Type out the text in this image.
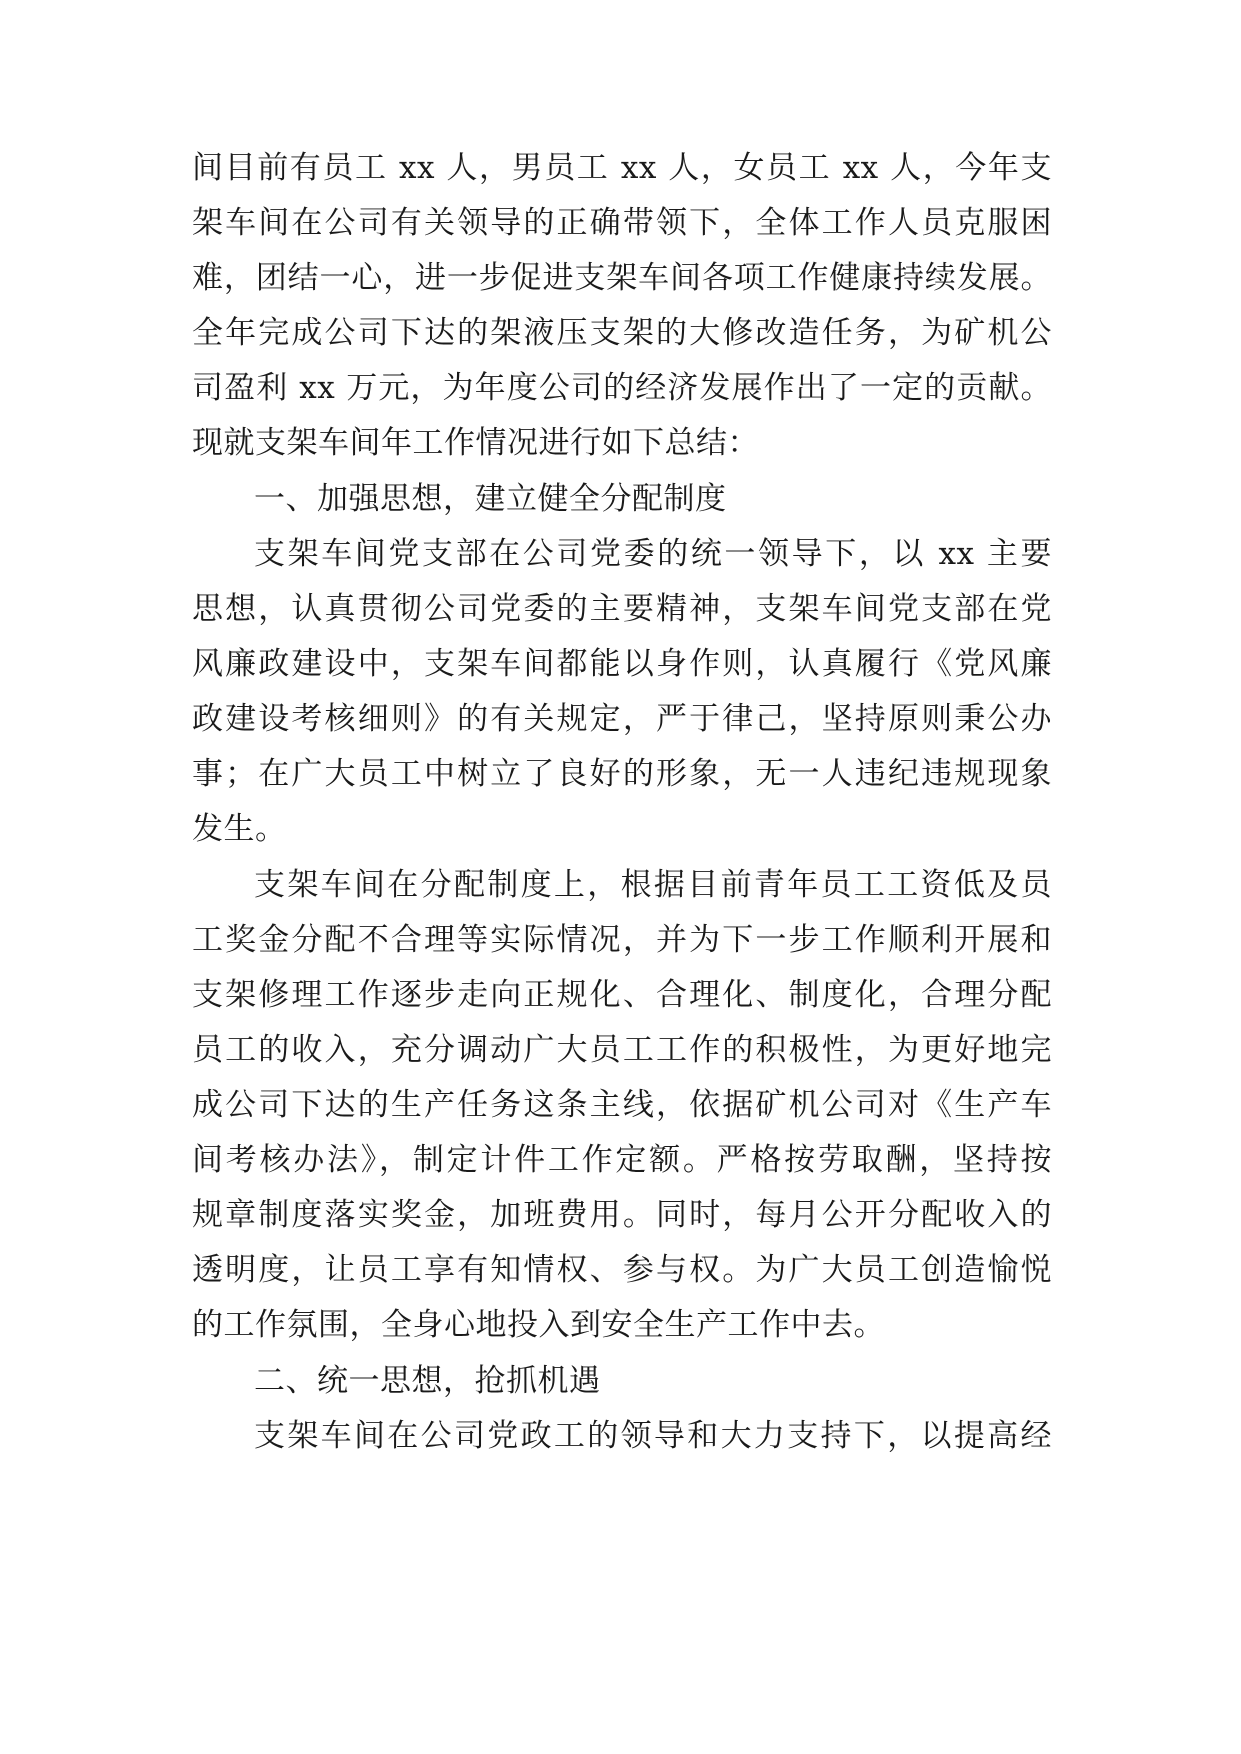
间目前有员工 xx 人，男员工 xx 人，女员工 xx 人，今年支
架车间在公司有关领导的正确带领下，全体工作人员克服困
难，团结一心，进一步促进支架车间各项工作健康持续发展。
全年完成公司下达的架液压支架的大修改造任务，为矿机公
司盈利 xx 万元，为年度公司的经济发展作出了一定的贡献。
现就支架车间年工作情况进行如下总结：
一、加强思想，建立健全分配制度
支架车间党支部在公司党委的统一领导下，以 xx 主要
思想，认真贯彻公司党委的主要精神，支架车间党支部在党
风廉政建设中，支架车间都能以身作则，认真履行《党风廉
政建设考核细则》的有关规定，严于律己，坚持原则秉公办
事；在广大员工中树立了良好的形象，无一人违纪违规现象
发生。
支架车间在分配制度上，根据目前青年员工工资低及员
工奖金分配不合理等实际情况，并为下一步工作顺利开展和
支架修理工作逐步走向正规化、合理化、制度化，合理分配
员工的收入，充分调动广大员工工作的积极性，为更好地完
成公司下达的生产任务这条主线，依据矿机公司对《生产车
间考核办法》，制定计件工作定额。严格按劳取酬，坚持按
规章制度落实奖金，加班费用。同时，每月公开分配收入的
透明度，让员工享有知情权、参与权。为广大员工创造愉悦
的工作氛围，全身心地投入到安全生产工作中去。
二、统一思想，抢抓机遇
支架车间在公司党政工的领导和大力支持下，以提高经
